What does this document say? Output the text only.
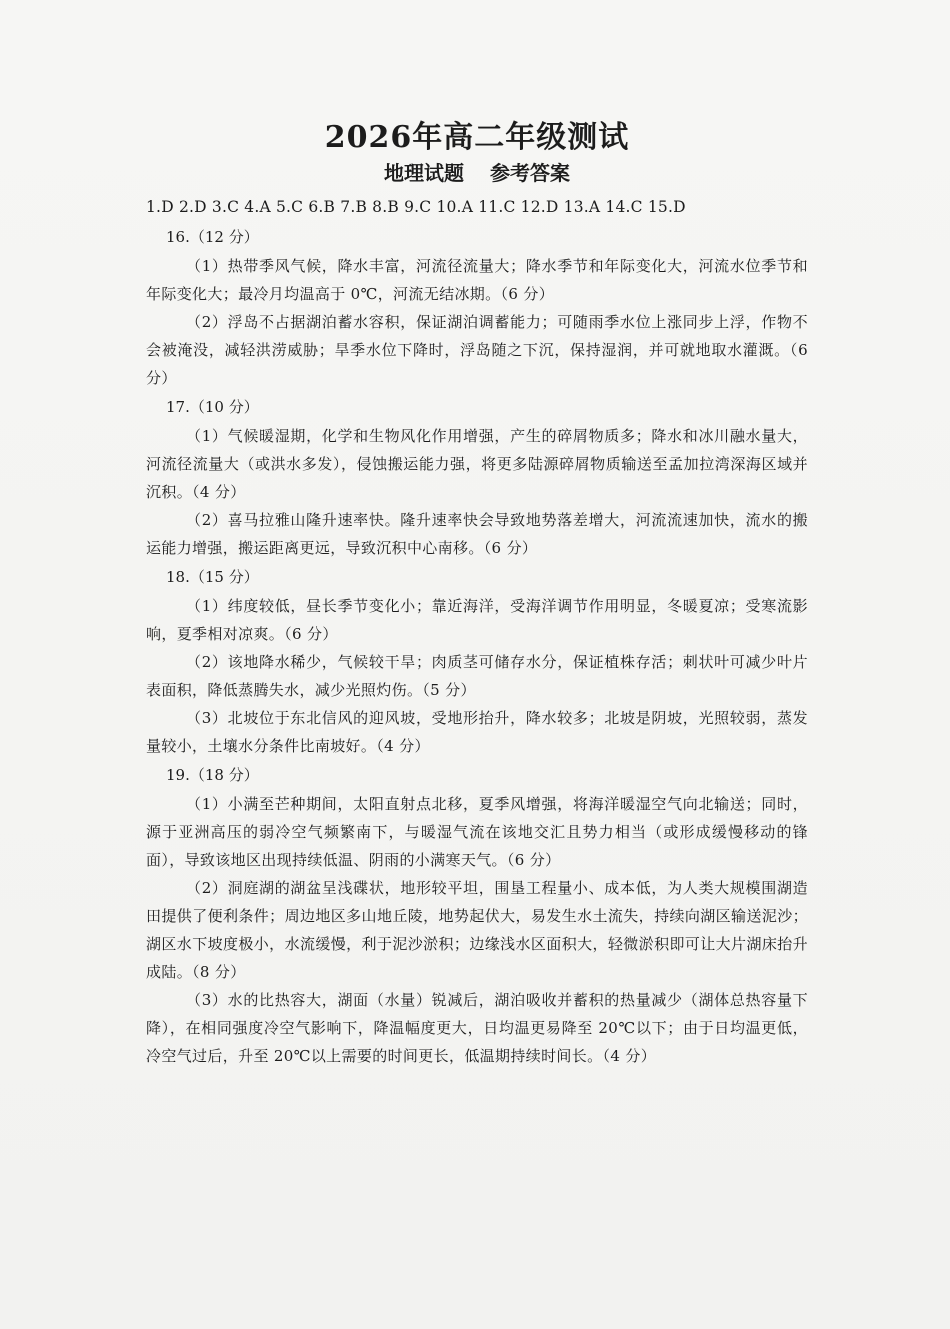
2026年高二年级测试
地理试题 参考答案

1.D 2.D 3.C 4.A 5.C 6.B 7.B 8.B 9.C 10.A 11.C 12.D 13.A 14.C 15.D

16.（12 分）

（1）热带季风气候，降水丰富，河流径流量大；降水季节和年际变化大，河流水位季节和年际变化大；最冷月均温高于 0℃，河流无结冰期。（6 分）

（2）浮岛不占据湖泊蓄水容积，保证湖泊调蓄能力；可随雨季水位上涨同步上浮，作物不会被淹没，减轻洪涝威胁；旱季水位下降时，浮岛随之下沉，保持湿润，并可就地取水灌溉。（6 分）

17.（10 分）

（1）气候暖湿期，化学和生物风化作用增强，产生的碎屑物质多；降水和冰川融水量大，河流径流量大（或洪水多发），侵蚀搬运能力强，将更多陆源碎屑物质输送至孟加拉湾深海区域并沉积。（4 分）

（2）喜马拉雅山隆升速率快。隆升速率快会导致地势落差增大，河流流速加快，流水的搬运能力增强，搬运距离更远，导致沉积中心南移。（6 分）

18.（15 分）

（1）纬度较低，昼长季节变化小；靠近海洋，受海洋调节作用明显，冬暖夏凉；受寒流影响，夏季相对凉爽。（6 分）

（2）该地降水稀少，气候较干旱；肉质茎可储存水分，保证植株存活；刺状叶可减少叶片表面积，降低蒸腾失水，减少光照灼伤。（5 分）

（3）北坡位于东北信风的迎风坡，受地形抬升，降水较多；北坡是阴坡，光照较弱，蒸发量较小，土壤水分条件比南坡好。（4 分）

19.（18 分）

（1）小满至芒种期间，太阳直射点北移，夏季风增强，将海洋暖湿空气向北输送；同时，源于亚洲高压的弱冷空气频繁南下，与暖湿气流在该地交汇且势力相当（或形成缓慢移动的锋面），导致该地区出现持续低温、阴雨的小满寒天气。（6 分）

（2）洞庭湖的湖盆呈浅碟状，地形较平坦，围垦工程量小、成本低，为人类大规模围湖造田提供了便利条件；周边地区多山地丘陵，地势起伏大，易发生水土流失，持续向湖区输送泥沙；湖区水下坡度极小，水流缓慢，利于泥沙淤积；边缘浅水区面积大，轻微淤积即可让大片湖床抬升成陆。（8 分）

（3）水的比热容大，湖面（水量）锐减后，湖泊吸收并蓄积的热量减少（湖体总热容量下降），在相同强度冷空气影响下，降温幅度更大，日均温更易降至 20℃以下；由于日均温更低，冷空气过后，升至 20℃以上需要的时间更长，低温期持续时间长。（4 分）
